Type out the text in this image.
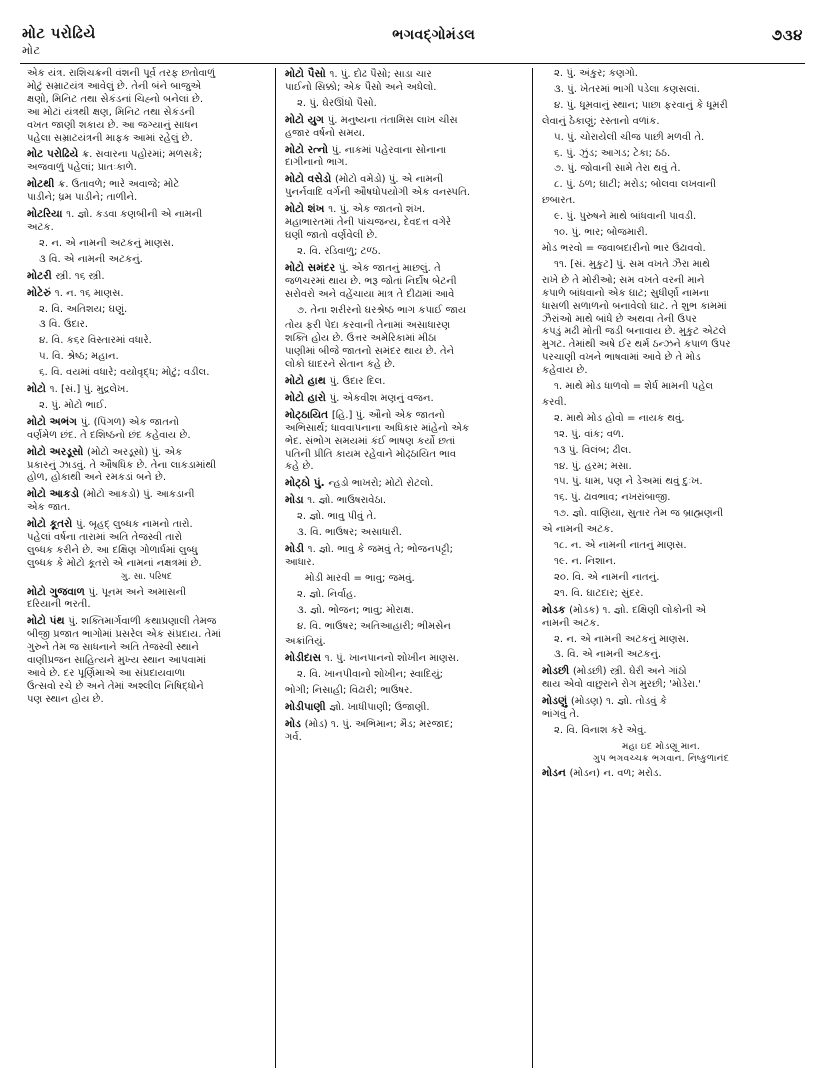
મોટ પરોઢિયે
મોટ
ભગવદ્ગોમંડલ	૭૩૪
એક યંત્ર. રાશિચક્રની વંશની પૂર્વ તરફ છતોવાળું
મોટું સમ્રાટયંત્ર આવેલું છે. તેની બંને બાજુએ
ક્ષણો, મિનિટ તથા સેકંડનાં ચિહ્નો બનેલાં છે.
આ મોટાં યંત્રથી ક્ષણ, મિનિટ તથા સેકંડની
વખત જાણી શકાય છે. આ જગ્યાનું સાધન
પહેલા સમ્રાટયંત્રની માફક આમાં રહેલું છે.
મોટ પરોઢિયે ક્ર. સવારના પહોરમાં; મળસકે;
અજવાળું પહેલાં; પ્રાતઃકાળે.
મોટથી ક્ર. ઉતાવળે; ભારે અવાજે; મોટે
પાડીને; ધ્રમ પાડીને; તાળીને.
મોટરિયા ૧. જ્ઞો. કડવા કણબીની એ નામની
અટક.
૨. ન. એ નામની અટકનું માણસ.
૩ વિ. એ નામની અટકનું.
મોટરી સ્ત્રી. ૧૬ સ્ત્રી.
મોટેરું ૧. ન. ૧૬ માણસ.
૨. વિ. અતિશય; ઘણું.
૩ વિ. ઉદાર.
૪. વિ. ક૬ર વિસ્તારમાં વધારે.
૫. વિ. શ્રેષ્ઠ; મહાન.
૬. વિ. વયમાં વધારે; વયોવૃદ્ધ; મોટું; વડીલ.
મોટો ૧. [સં.] પું. મુદ્રલેખ.
૨. પું. મોટો ભાઈ.
મોટો અભંગ પું. (પિંગળ) એક જાતનો
વર્ણમેળ છંદ. તે દશિષ્ઠનો છંદ કહેવાય છે.
મોટો અરડૂસો (મોટો અરડૂસો) પું. એક
પ્રકારનું ઝાડવું. તે ઔષધિક છે. તેના લાકડામાંથી
હોળ, હોકાથી અને રમકડાં બને છે.
મોટો આકડો (મોટો આકડો) પું. આકડાની
એક જાત.
મોટો કૂતરો પું. બૃહદ્ લુબ્ધક નામનો તારો.
પહેલાં વર્ષના તારામાં અતિ તેજસ્વી તારો
લુબ્ધક કરીને છે. આ દક્ષિણ ગોળાર્ધમાં લુબ્ધુ
લુબ્ધક કે મોટો કૂતરો એ નામનાં નક્ષત્રમાં છે.
ગુ. સા. પરિષદ
મોટો ગુજવાળ પું. પૂનમ અને અમાસની
દરિયાની ભરતી.
મોટો પંથ પું. શક્તિમાર્ગવાળી કથાપ્રણાલી તેમજ
બીજી પ્રજાત ભાગોમાં પ્રસરેલ એક સંપ્રદાય. તેમાં
ગુરુને તેમ જ સાધનાને અતિ તેજસ્વી સ્થાને
વાણીપ્રજન સાહિત્યને મુખ્ય સ્થાન આપવામાં
આવે છે. દર પૂર્ણિમાએ આ સંપ્રદાયવાળા
ઉત્સવો રચે છે અને તેમાં અશ્લીલ નિષિદ્ધોને
પણ સ્થાન હોય છે.
મોટો પૈસો ૧. પું. દોઢ પૈસો; સાડા ચાર
પાઈનો સિક્કો; એક પૈસો અને અધેલો.
૨. પું. ઘેરઊંધો પૈસો.
મોટો યુગ પું. મનુષ્યના તંતામિસ લાખ ચીસ
હજાર વર્ષનો સમય.
મોટો રત્નો પું. નાકમાં પહેરવાના સોનાના
દાગીનાનો ભાગ.
મોટો વસેડો (મોટો વમેડો) પું. એ નામની
પુનર્નવાદિ વર્ગની ઔષધોપયોગી એક વનસ્પતિ.
મોટો શંખ ૧. પું. એક જાતનો શંખ.
મહાભારતમાં તેની પાંચજન્ય, દેવદત્ત વગેરે
ઘણી જાતો વર્ણવેલી છે.
૨. વિ. રડિવાળુ; ટળ્ઠ.
મોટો સમંદર પું. એક જાતનું માછલું. તે
જળચરમાં થાય છે. ભરૂ જોતાં નિર્દોષ બેટની
સરોવરો અને વહેંચાયા માત્ર તે દીઢામાં આવે
૭. તેના શરીરનો ઘરશ્રેષ્ઠ ભાગ કપાઈ જાય
તોય ફરી પેદા કરવાની તેનામાં અસાધારણ
શક્તિ હોય છે. ઉત્તર અમેરિકામાં મીઠા
પાણીમાં બીજે જાતનો સમંદર થાય છે. તેને
લોકો ઘાદરને સેતાન કહે છે.
મોટો હાથ પું. ઉદાર દિલ.
મોટો હારો પું. એકવીશ મણનું વજન.
મોટ્ઠાયિત [હિ.] પું. ઔનો એક જાતનો
અભિસાર્થ; ધાવવાપનાના અધિકાર માંહેનો એક
ભેદ. સંભોગ સમયમાં કંઈ ભાષણ કર્યો છતાં
પતિની પ્રીતિ કાયમ રહેવાને મોઢ્ઠાયિત ભાવ
કહે છે.
મોટ્ઠો પું. ન્હડો ભાખરો; મોટો રોટલો.
મોડા ૧. જ્ઞો. ભાઉષરાવેઠા.
૨. જ્ઞો. ભાવુ પીવું તે.
૩. વિ. ભાઉષર; અસાધારી.
મોડી ૧. જ્ઞો. ભાવુ કે જમવું તે; ભોજનપટ્ટી;
આધાર.
મોડી મારવી = ભાવુ; જમવું.
૨. જ્ઞો. નિર્વાહ.
૩. જ્ઞો. ભોજન; ભાવુ; મોરાક્ષ.
૪. વિ. ભાઉષર; અતિઆહારી; ભીમસેન
અક્રાંતિયું.
મોડીદાસ ૧. પું. ખાનપાનનો શોખીન માણસ.
૨. વિ. ખાનપીવાનો શોખીન; સ્વાદિયું;
ભોગી; નિસાહી; વિઢારી; ભાઉષર.
મોડીપાણી જ્ઞો. ખાધીપાણી; ઉજાણી.
મોડ (મોડ) ૧. પું. અભિમાન; મૈડ; મરજાદ;
ગર્વ.
૨. પું. અંકુર; કણગો.
૩. પું. ખેતરમાં ભાગી પડેલા કણસલાં.
૪. પું. ધૂમવાનું સ્થાન; પાછા ફરવાનું કે ધૂમરી
લેવાનું ઠેકાણું; રસ્તાનો વળાંક.
૫. પું. ચોરાયેલી ચીજ પાછી મળવી તે.
૬. પું. ઝુંડ; આગડ; ટેકા; ઠઠ.
૭. પું. જોવાની સામે તેરા થવું તે.
૮. પું. ઠળ; ઘાટી; મરોડ; બોલવા લખવાની
છબારત.
૯. પું. પુરુષને માથે બાંધવાની પાવડી.
૧૦. પું. ભાર; બોજમારી.
મોડ ભરવો = જવાબદારીનો ભાર ઉઢાવવો.
૧૧. [સં. મુકુટ] પું. સમ વખતે ઝૈરા માથે
રાખે છે તે મોરીઓ; સમ વખતે વરની માને
કપાળે બાંધવાનો એક ઘાટ; સુધીર્ણા નામના
ધાસળી સળાળનો બનાવેલો ઘાટ. તે શુભ કામમાં
ઝૈરાંઓ માથે બાંધે છે અથવા તેની ઉપર
કપડું મઢી મોતી જડી બનાવાય છે. મુકુટ એટલે
મુગટ. તેમાંથી અષે ઈર થર્મ ઠન્ઝને કપાળ ઉપર
પરચાણી વખને ભાષવામાં આવે છે તે મોડ
કહેવાય છે.
૧. માથે મોડ ધાળવો = શેર્ધ મામની પહેલ
કરવી.
૨. માથે મોડ હોવો = નાયક થવું.
૧૨. પું. વાંક; વળ.
૧૩ પું. વિલંબ; ઢીલ.
૧૪. પું. હરમ; મસા.
૧૫. પું. ધામ, પણ ને ડેઅમાં થવું દુઃખ.
૧૬. પું. ઢાવભાવ; નખરાંબાજી.
૧૭. જ્ઞો. વાણિયા, સુતાર તેમ જ બ્રાહ્મણની
એ નામની અટક.
૧૮. ન. એ નામની નાતનું માણસ.
૧૯. ન. નિશાન.
૨૦. વિ. એ નામની નાતનું.
૨૧. વિ. ઘાટદાર; સુંદર.
મોડક (મોડક) ૧. જ્ઞો. દક્ષિણી લોકોની એ
નામની અટક.
૨. ન. એ નામની અટકનું માણસ.
૩. વિ. એ નામની અટકનું.
મોડછી (મોડછી) સ્ત્રી. ઘેરી અને ગાંઠો
થાય એવો વાછુરાને રોગ મુરછી; 'મોડેરા.'
મોડણું (મોડણ) ૧. જ્ઞો. તોડવું કે
ભાંગવું તે.
૨. વિ. વિનાશ કરે એવું.
મહા ઇદ મોડણૂ માન.
ગુપ ભગવચ્ચક્ર ભગવાન. નિષ્કુળાનંદ
મોડન (મોડન) ન. વળ; મરોડ.
